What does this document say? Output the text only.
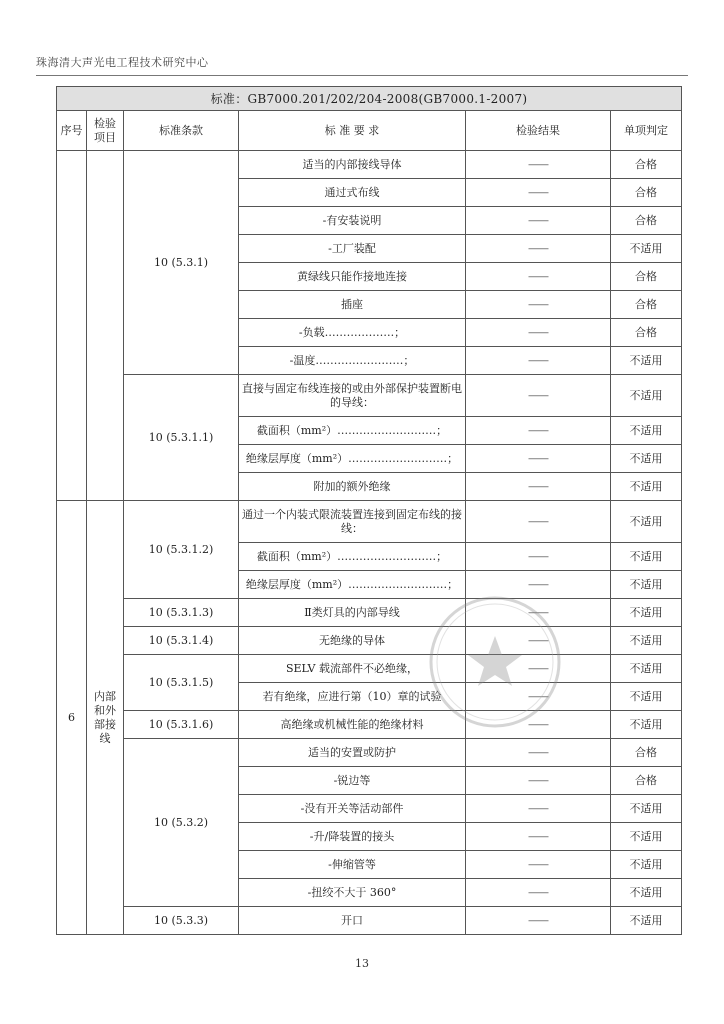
珠海清大声光电工程技术研究中心
标准：GB7000.201/202/204-2008(GB7000.1-2007)					
序号	检验项目	标准条款	标 准 要 求	检验结果	单项判定
		10 (5.3.1)	适当的内部接线导体	——	合格
			通过式布线	——	合格
			-有安装说明	——	合格
			-工厂装配	——	不适用
			黄绿线只能作接地连接	——	合格
			插座	——	合格
			-负载……………….；	——	合格
			-温度……………………；	——	不适用
		10 (5.3.1.1)	直接与固定布线连接的或由外部保护装置断电的导线：	——	不适用
			截面积（mm²）………………………；	——	不适用
			绝缘层厚度（mm²）………………………；	——	不适用
			附加的额外绝缘	——	不适用
6	内部和外部接线	10 (5.3.1.2)	通过一个内装式限流装置连接到固定布线的接线：	——	不适用
			截面积（mm²）………………………；	——	不适用
			绝缘层厚度（mm²）………………………；	——	不适用
		10 (5.3.1.3)	Ⅱ类灯具的内部导线	——	不适用
		10 (5.3.1.4)	无绝缘的导体	——	不适用
		10 (5.3.1.5)	SELV 载流部件不必绝缘，	——	不适用
			若有绝缘，应进行第（10）章的试验	——	不适用
		10 (5.3.1.6)	高绝缘或机械性能的绝缘材料	——	不适用
		10 (5.3.2)	适当的安置或防护	——	合格
			-锐边等	——	合格
			-没有开关等活动部件	——	不适用
			-升/降装置的接头	——	不适用
			-伸缩管等	——	不适用
			-扭绞不大于 360°	——	不适用
		10 (5.3.3)	开口	——	不适用
13
